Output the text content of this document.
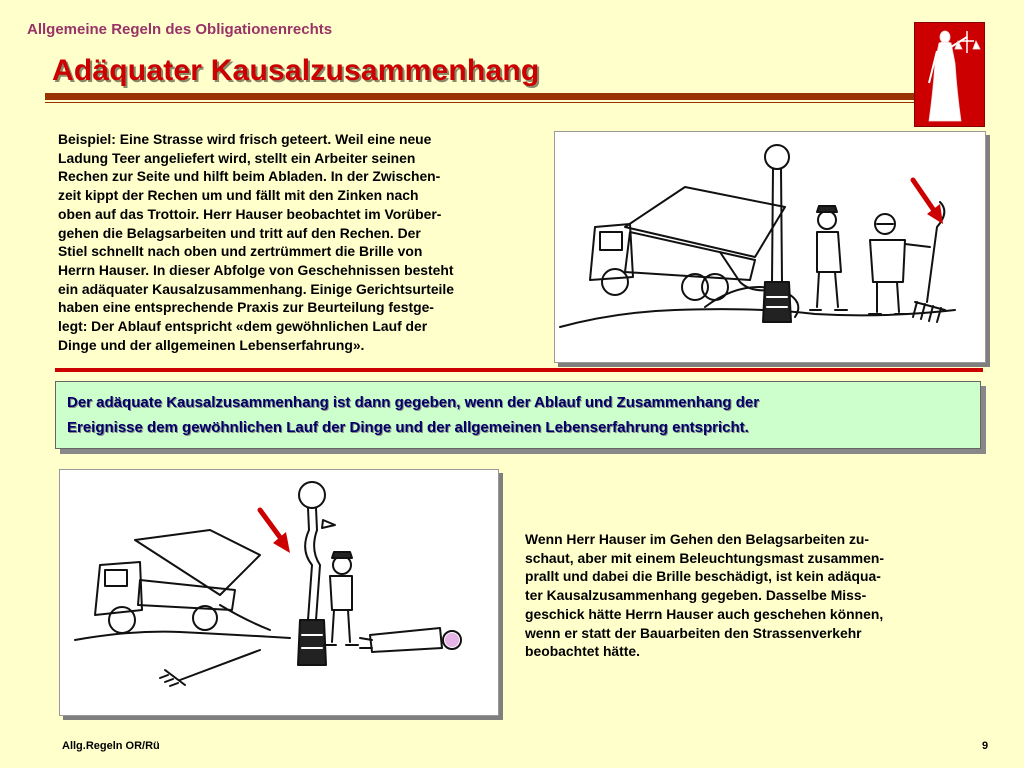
Allgemeine Regeln des Obligationenrechts
Adäquater Kausalzusammenhang
Beispiel: Eine Strasse wird frisch geteert. Weil eine neue
Ladung Teer angeliefert wird, stellt ein Arbeiter seinen
Rechen zur Seite und hilft beim Abladen. In der Zwischen-
zeit kippt der Rechen um und fällt mit den Zinken nach
oben auf das Trottoir. Herr Hauser beobachtet im Vorüber-
gehen die Belagsarbeiten und tritt auf den Rechen. Der
Stiel schnellt nach oben und zertrümmert die Brille von
Herrn Hauser. In dieser Abfolge von Geschehnissen besteht
ein adäquater Kausalzusammenhang. Einige Gerichtsurteile
haben eine entsprechende Praxis zur Beurteilung festge-
legt: Der Ablauf entspricht «dem gewöhnlichen Lauf der
Dinge und der allgemeinen Lebenserfahrung».
Der adäquate Kausalzusammenhang ist dann gegeben, wenn der Ablauf und Zusammenhang der
Ereignisse dem gewöhnlichen Lauf der Dinge und der allgemeinen Lebenserfahrung entspricht.
Wenn Herr Hauser im Gehen den Belagsarbeiten zu-
schaut, aber mit einem Beleuchtungsmast zusammen-
prallt und dabei die Brille beschädigt, ist kein adäqua-
ter Kausalzusammenhang gegeben. Dasselbe Miss-
geschick hätte Herrn Hauser auch geschehen können,
wenn er statt der Bauarbeiten den Strassenverkehr
beobachtet hätte.
Allg.Regeln OR/Rü	9
